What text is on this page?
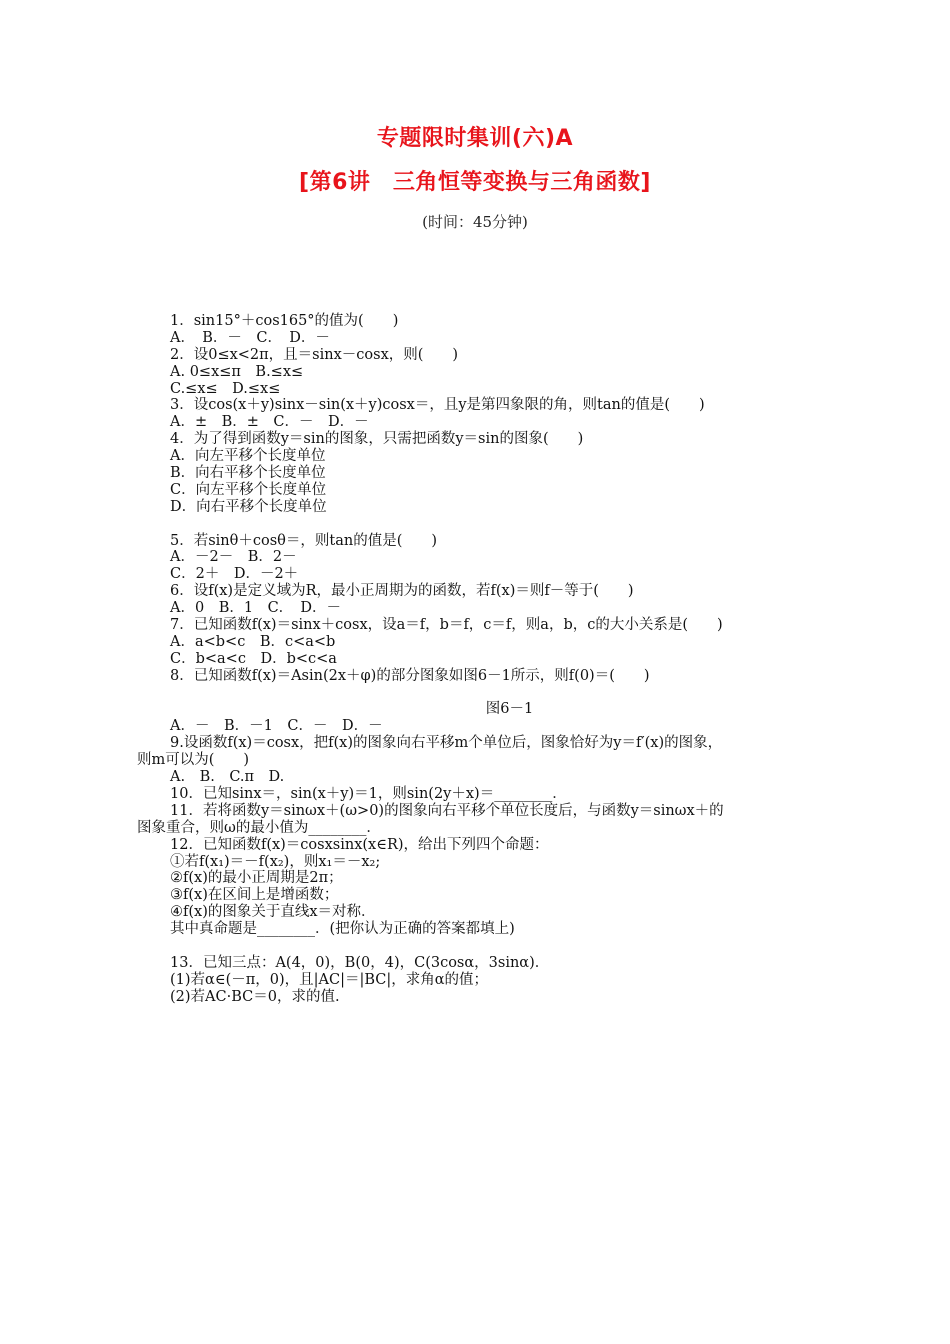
专题限时集训(六)A
[第6讲　三角恒等变换与三角函数]
(时间：45分钟)
1．sin15°＋cos165°的值为(　　)
A．　B．－　C．　D．－
2．设0≤x<2π，且＝sinx－cosx，则(　　)
A. 0≤x≤π　B.≤x≤
C.≤x≤　D.≤x≤
3．设cos(x＋y)sinx－sin(x＋y)cosx＝，且y是第四象限的角，则tan的值是(　　)
A．±　B．±　C．－　D．－
4．为了得到函数y＝sin的图象，只需把函数y＝sin的图象(　　)
A．向左平移个长度单位
B．向右平移个长度单位
C．向左平移个长度单位
D．向右平移个长度单位
5．若sinθ＋cosθ＝，则tan的值是(　　)
A．－2－　B．2－
C．2＋　D．－2＋
6．设f(x)是定义域为R，最小正周期为的函数，若f(x)＝则f－等于(　　)
A．0　B．1　C．　D．－
7．已知函数f(x)＝sinx＋cosx，设a＝f，b＝f，c＝f，则a，b，c的大小关系是(　　)
A．a<b<c　B．c<a<b
C．b<a<c　D．b<c<a
8．已知函数f(x)＝Asin(2x＋φ)的部分图象如图6－1所示，则f(0)＝(　　)
图6－1
A．－　B．－1　C．－　D．－
9.设函数f(x)＝cosx，把f(x)的图象向右平移m个单位后，图象恰好为y＝f′(x)的图象，
则m可以为(　　)
A.　B.　C.π　D.
10．已知sinx＝，sin(x＋y)＝1，则sin(2y＋x)＝________．
11．若将函数y＝sinωx＋(ω>0)的图象向右平移个单位长度后，与函数y＝sinωx＋的
图象重合，则ω的最小值为________．
12．已知函数f(x)＝cosxsinx(x∈R)，给出下列四个命题：
①若f(x₁)＝－f(x₂)，则x₁＝－x₂;
②f(x)的最小正周期是2π；
③f(x)在区间上是增函数；
④f(x)的图象关于直线x＝对称．
其中真命题是________．(把你认为正确的答案都填上)
13．已知三点：A(4，0)，B(0，4)，C(3cosα，3sinα)．
(1)若α∈(－π，0)，且|AC|＝|BC|，求角α的值；
(2)若AC·BC＝0，求的值.
